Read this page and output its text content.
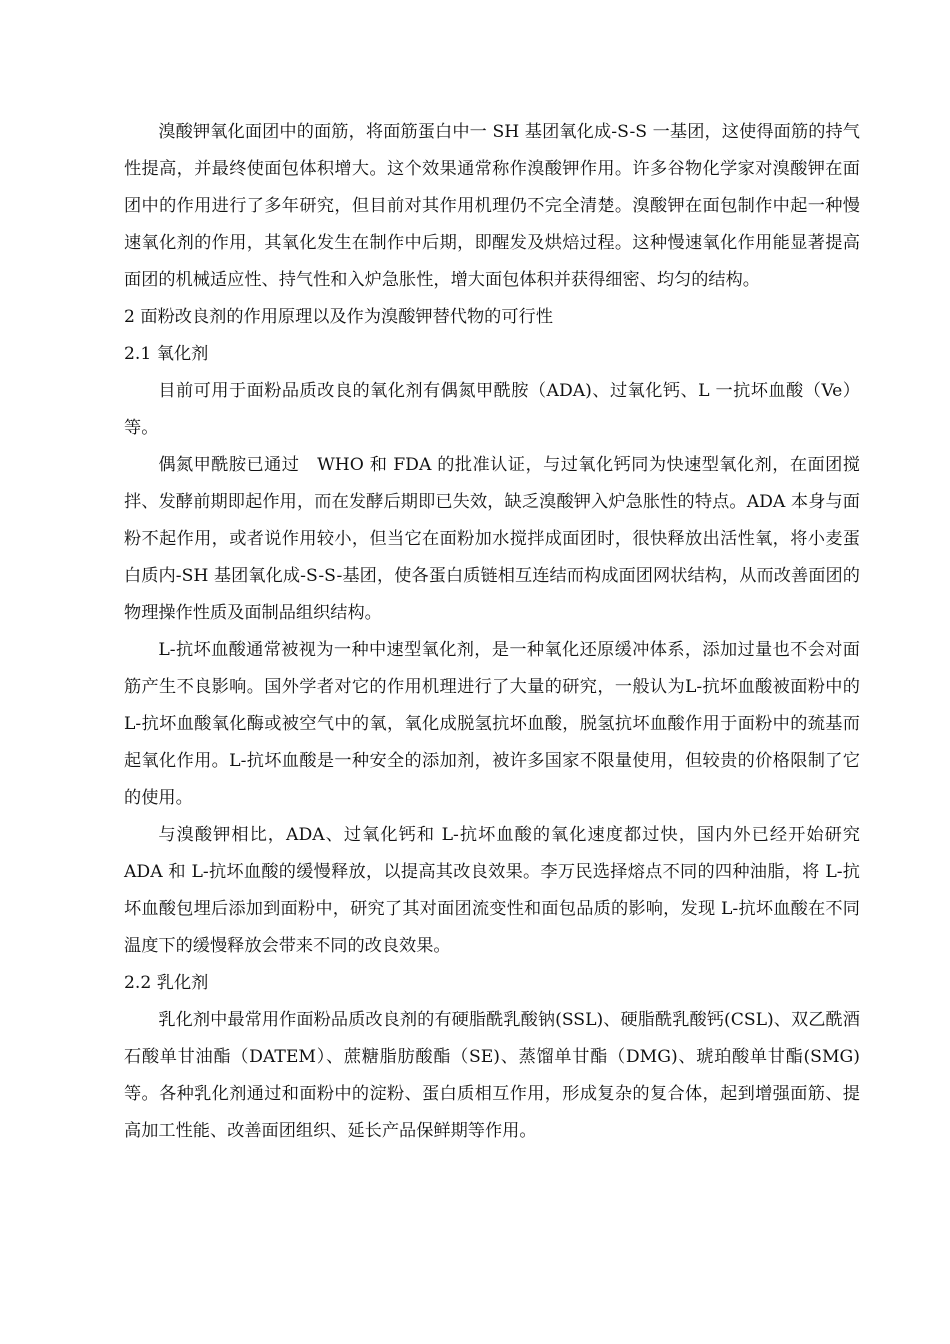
溴酸钾氧化面团中的面筋，将面筋蛋白中一 SH 基团氧化成-S-S 一基团，这使得面筋的持气性提高，并最终使面包体积增大。这个效果通常称作溴酸钾作用。许多谷物化学家对溴酸钾在面团中的作用进行了多年研究，但目前对其作用机理仍不完全清楚。溴酸钾在面包制作中起一种慢速氧化剂的作用，其氧化发生在制作中后期，即醒发及烘焙过程。这种慢速氧化作用能显著提高面团的机械适应性、持气性和入炉急胀性，增大面包体积并获得细密、均匀的结构。

2 面粉改良剂的作用原理以及作为溴酸钾替代物的可行性

2.1 氧化剂

目前可用于面粉品质改良的氧化剂有偶氮甲酰胺（ADA)、过氧化钙、L 一抗坏血酸（Ve）等。

偶氮甲酰胺已通过　WHO 和 FDA 的批准认证，与过氧化钙同为快速型氧化剂，在面团搅拌、发酵前期即起作用，而在发酵后期即已失效，缺乏溴酸钾入炉急胀性的特点。ADA 本身与面粉不起作用，或者说作用较小，但当它在面粉加水搅拌成面团时，很快释放出活性氧，将小麦蛋白质内-SH 基团氧化成-S-S-基团，使各蛋白质链相互连结而构成面团网状结构，从而改善面团的物理操作性质及面制品组织结构。

L-抗坏血酸通常被视为一种中速型氧化剂，是一种氧化还原缓冲体系，添加过量也不会对面筋产生不良影响。国外学者对它的作用机理进行了大量的研究，一般认为L-抗坏血酸被面粉中的 L-抗坏血酸氧化酶或被空气中的氧，氧化成脱氢抗坏血酸，脱氢抗坏血酸作用于面粉中的巯基而起氧化作用。L-抗坏血酸是一种安全的添加剂，被许多国家不限量使用，但较贵的价格限制了它的使用。

与溴酸钾相比，ADA、过氧化钙和 L-抗坏血酸的氧化速度都过快，国内外已经开始研究 ADA 和 L-抗坏血酸的缓慢释放，以提高其改良效果。李万民选择熔点不同的四种油脂，将 L-抗坏血酸包埋后添加到面粉中，研究了其对面团流变性和面包品质的影响，发现 L-抗坏血酸在不同温度下的缓慢释放会带来不同的改良效果。

2.2 乳化剂

乳化剂中最常用作面粉品质改良剂的有硬脂酰乳酸钠(SSL)、硬脂酰乳酸钙(CSL)、双乙酰酒石酸单甘油酯（DATEM）、蔗糖脂肪酸酯（SE)、蒸馏单甘酯（DMG)、琥珀酸单甘酯(SMG)等。各种乳化剂通过和面粉中的淀粉、蛋白质相互作用，形成复杂的复合体，起到增强面筋、提高加工性能、改善面团组织、延长产品保鲜期等作用。
